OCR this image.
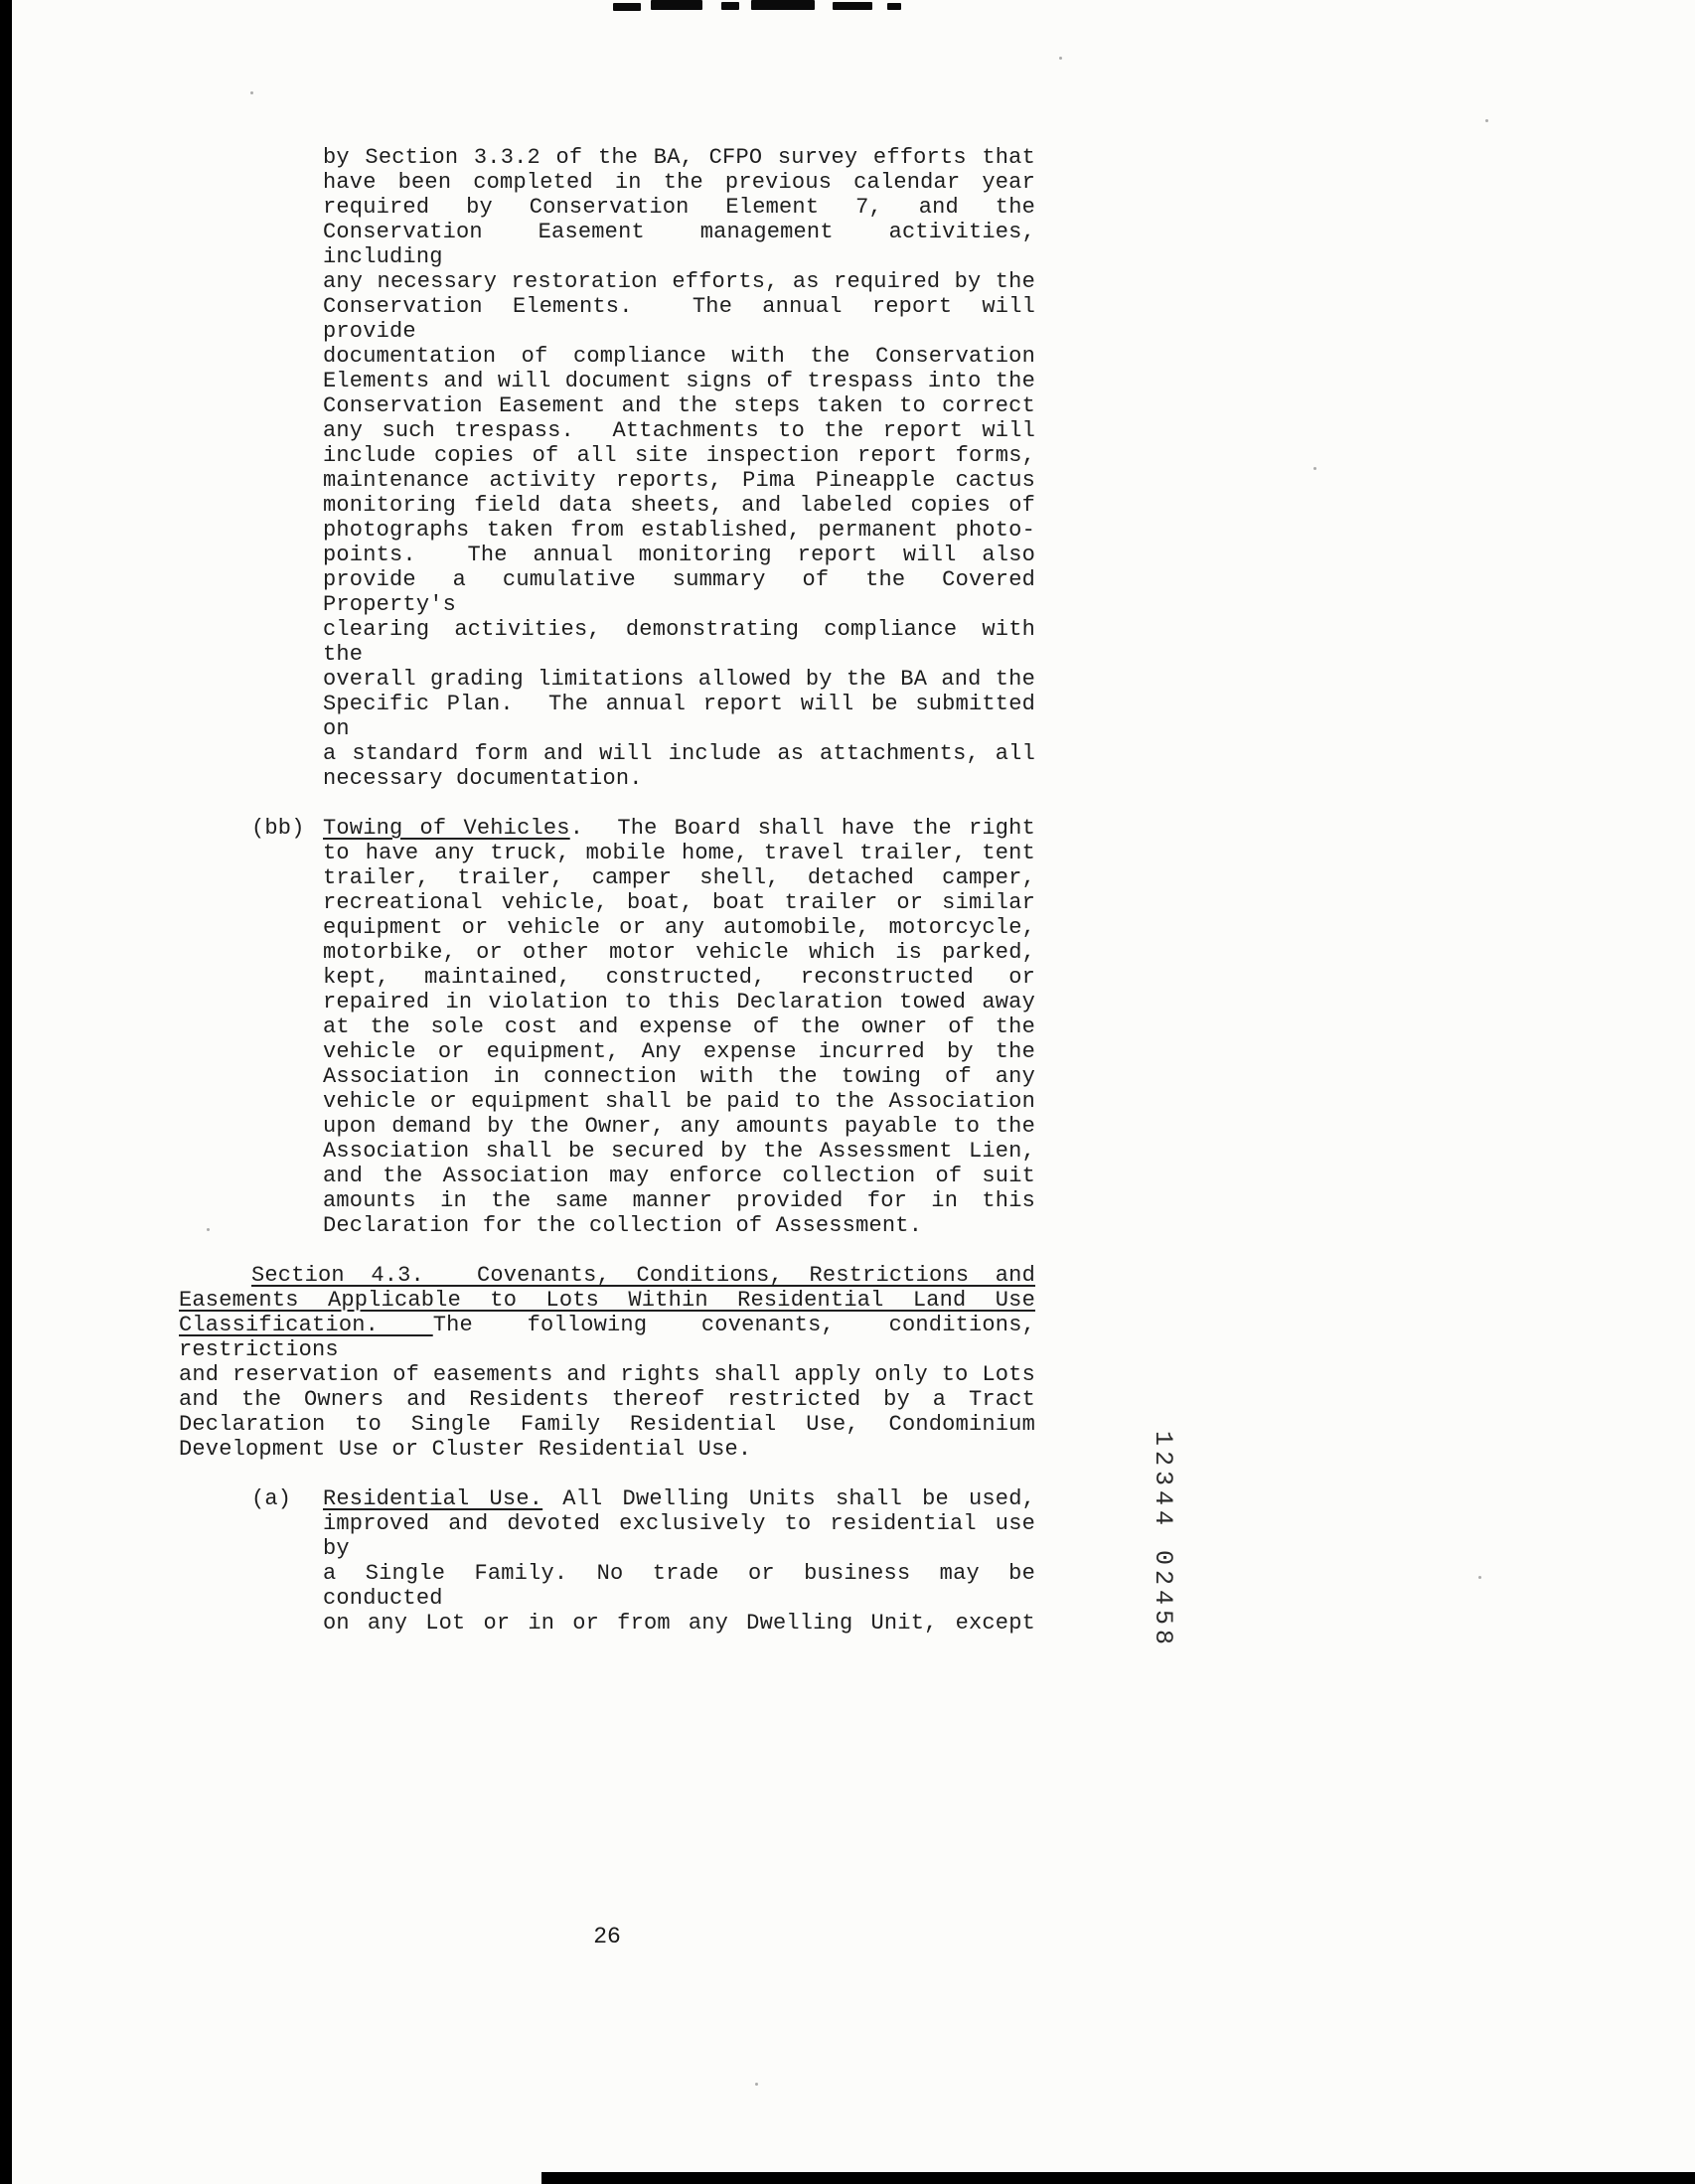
by Section 3.3.2 of the BA, CFPO survey efforts that
have been completed in the previous calendar year
required by Conservation Element 7, and the
Conservation Easement management activities, including
any necessary restoration efforts, as required by the
Conservation Elements.  The annual report will provide
documentation of compliance with the Conservation
Elements and will document signs of trespass into the
Conservation Easement and the steps taken to correct
any such trespass.  Attachments to the report will
include copies of all site inspection report forms,
maintenance activity reports, Pima Pineapple cactus
monitoring field data sheets, and labeled copies of
photographs taken from established, permanent photo-
points.  The annual monitoring report will also
provide a cumulative summary of the Covered Property's
clearing activities, demonstrating compliance with the
overall grading limitations allowed by the BA and the
Specific Plan.  The annual report will be submitted on
a standard form and will include as attachments, all
necessary documentation.
(bb) Towing of Vehicles.  The Board shall have the right
to have any truck, mobile home, travel trailer, tent
trailer, trailer, camper shell, detached camper,
recreational vehicle, boat, boat trailer or similar
equipment or vehicle or any automobile, motorcycle,
motorbike, or other motor vehicle which is parked,
kept, maintained, constructed, reconstructed or
repaired in violation to this Declaration towed away
at the sole cost and expense of the owner of the
vehicle or equipment, Any expense incurred by the
Association in connection with the towing of any
vehicle or equipment shall be paid to the Association
upon demand by the Owner, any amounts payable to the
Association shall be secured by the Assessment Lien,
and the Association may enforce collection of suit
amounts in the same manner provided for in this
Declaration for the collection of Assessment.
Section 4.3.  Covenants, Conditions, Restrictions and
Easements Applicable to Lots Within Residential Land Use
Classification. The following covenants, conditions, restrictions
and reservation of easements and rights shall apply only to Lots
and the Owners and Residents thereof restricted by a Tract
Declaration to Single Family Residential Use, Condominium
Development Use or Cluster Residential Use.
(a) Residential Use. All Dwelling Units shall be used,
improved and devoted exclusively to residential use by
a Single Family. No trade or business may be conducted
on any Lot or in or from any Dwelling Unit, except	12344 02458
26
